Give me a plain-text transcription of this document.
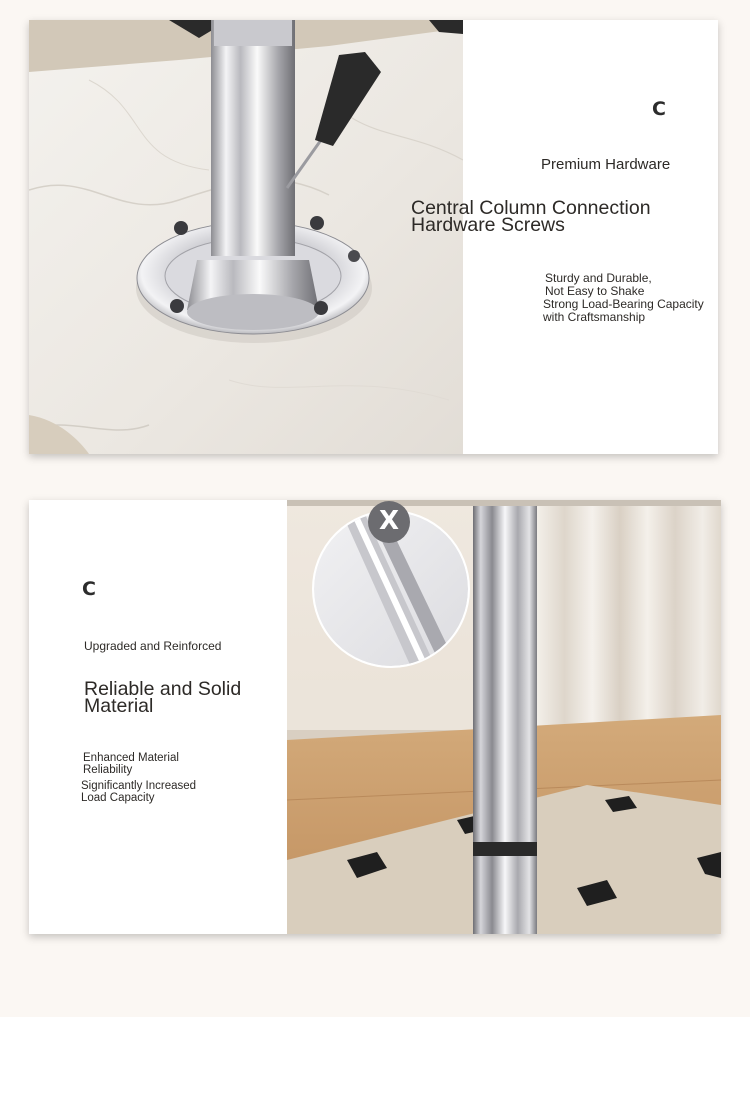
C
Premium Hardware
Central Column Connection
Hardware Screws
Sturdy and Durable,
Not Easy to Shake
Strong Load-Bearing Capacity
with Craftsmanship
C
Upgraded and Reinforced
Reliable and Solid
Material
Enhanced Material
Reliability
Significantly Increased
Load Capacity
X
